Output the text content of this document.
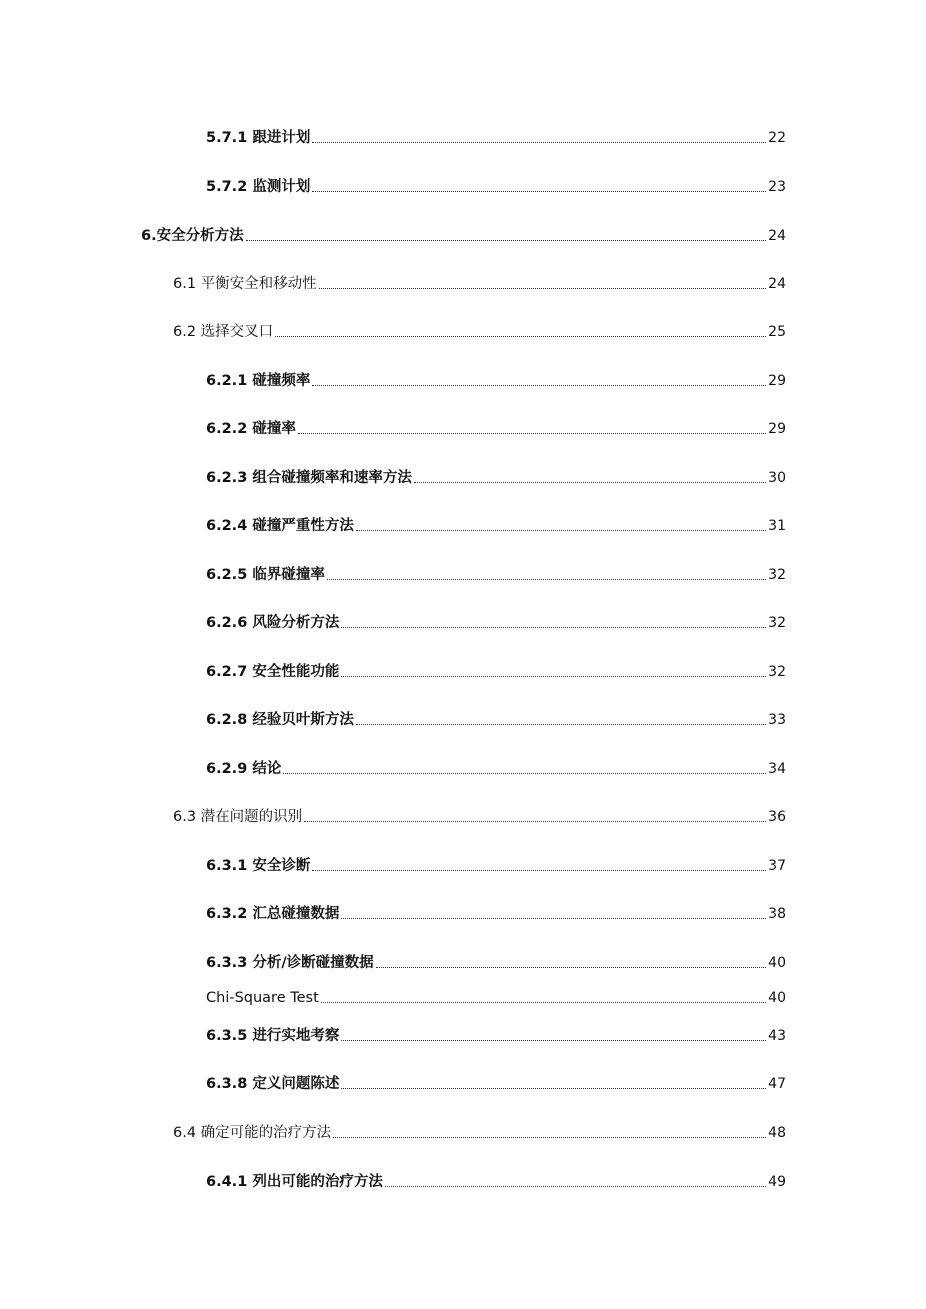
5.7.1 跟进计划	22
5.7.2 监测计划	23
6.安全分析方法	24
6.1 平衡安全和移动性	24
6.2 选择交叉口	25
6.2.1 碰撞频率	29
6.2.2 碰撞率	29
6.2.3 组合碰撞频率和速率方法	30
6.2.4 碰撞严重性方法	31
6.2.5 临界碰撞率	32
6.2.6 风险分析方法	32
6.2.7 安全性能功能	32
6.2.8 经验贝叶斯方法	33
6.2.9 结论	34
6.3 潜在问题的识别	36
6.3.1 安全诊断	37
6.3.2 汇总碰撞数据	38
6.3.3 分析/诊断碰撞数据	40
Chi-Square Test	40
6.3.5 进行实地考察	43
6.3.8 定义问题陈述	47
6.4 确定可能的治疗方法	48
6.4.1 列出可能的治疗方法	49
